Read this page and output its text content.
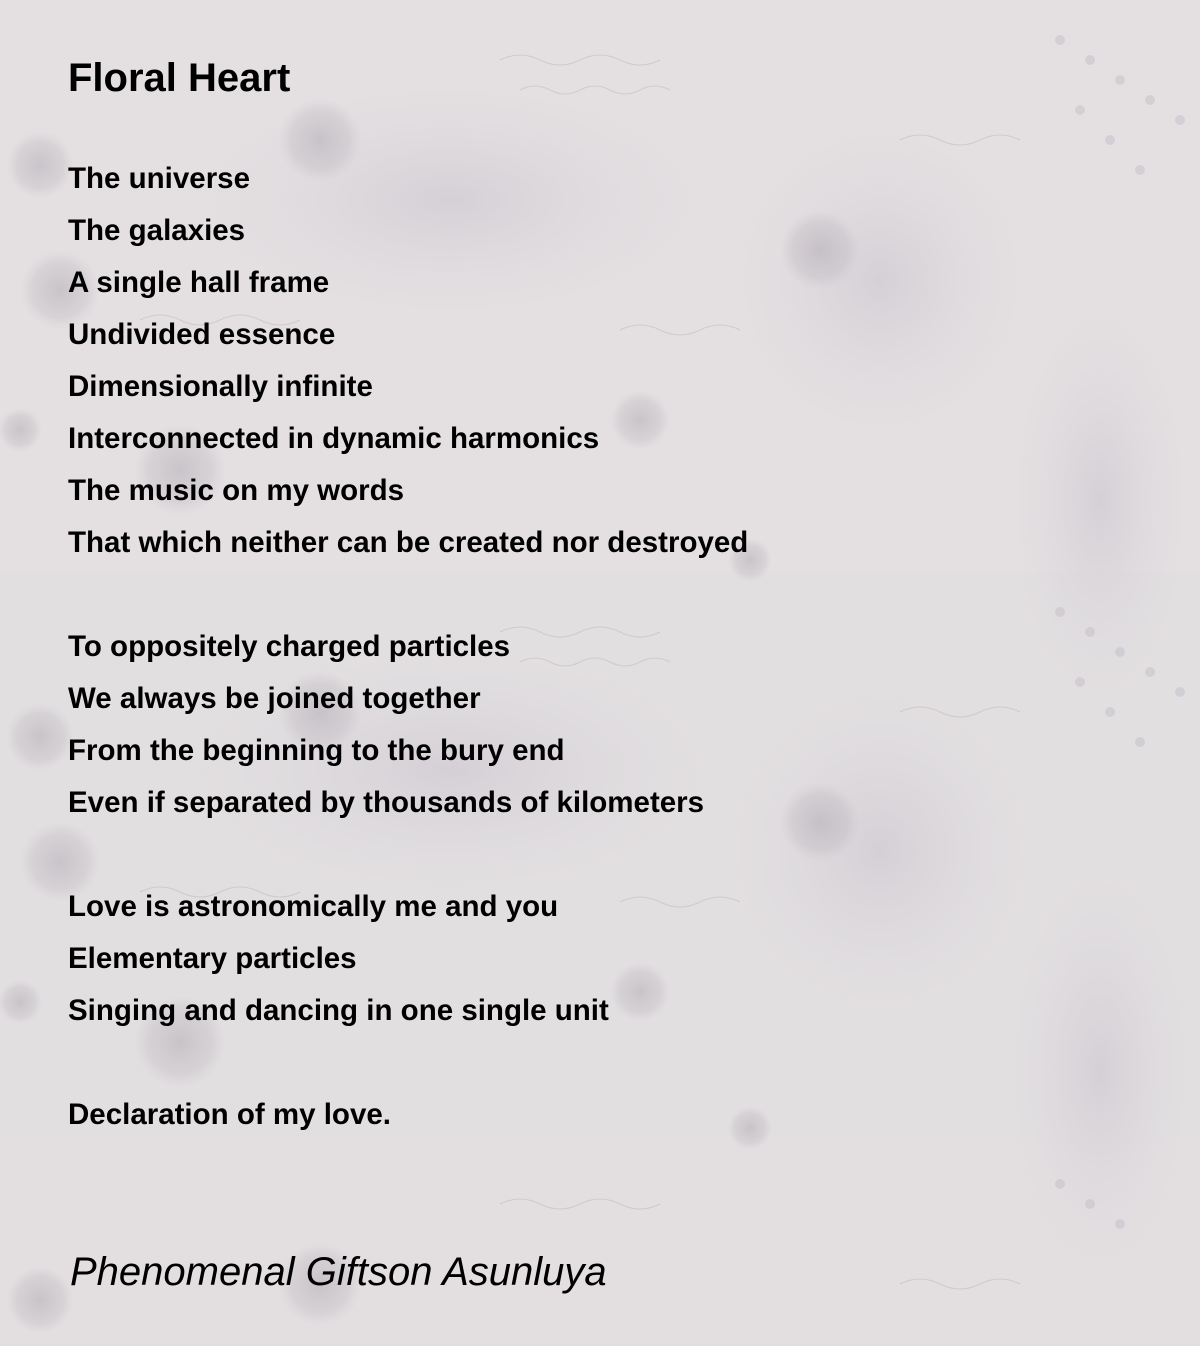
Floral Heart
The universe
The galaxies
A single hall frame
Undivided essence
Dimensionally infinite
Interconnected in dynamic harmonics
The music on my words
That which neither can be created nor destroyed
To oppositely charged particles
We always be joined together
From the beginning to the bury end
Even if separated by thousands of kilometers
Love is astronomically me and you
Elementary particles
Singing and dancing in one single unit
Declaration of my love.

Phenomenal Giftson Asunluya
